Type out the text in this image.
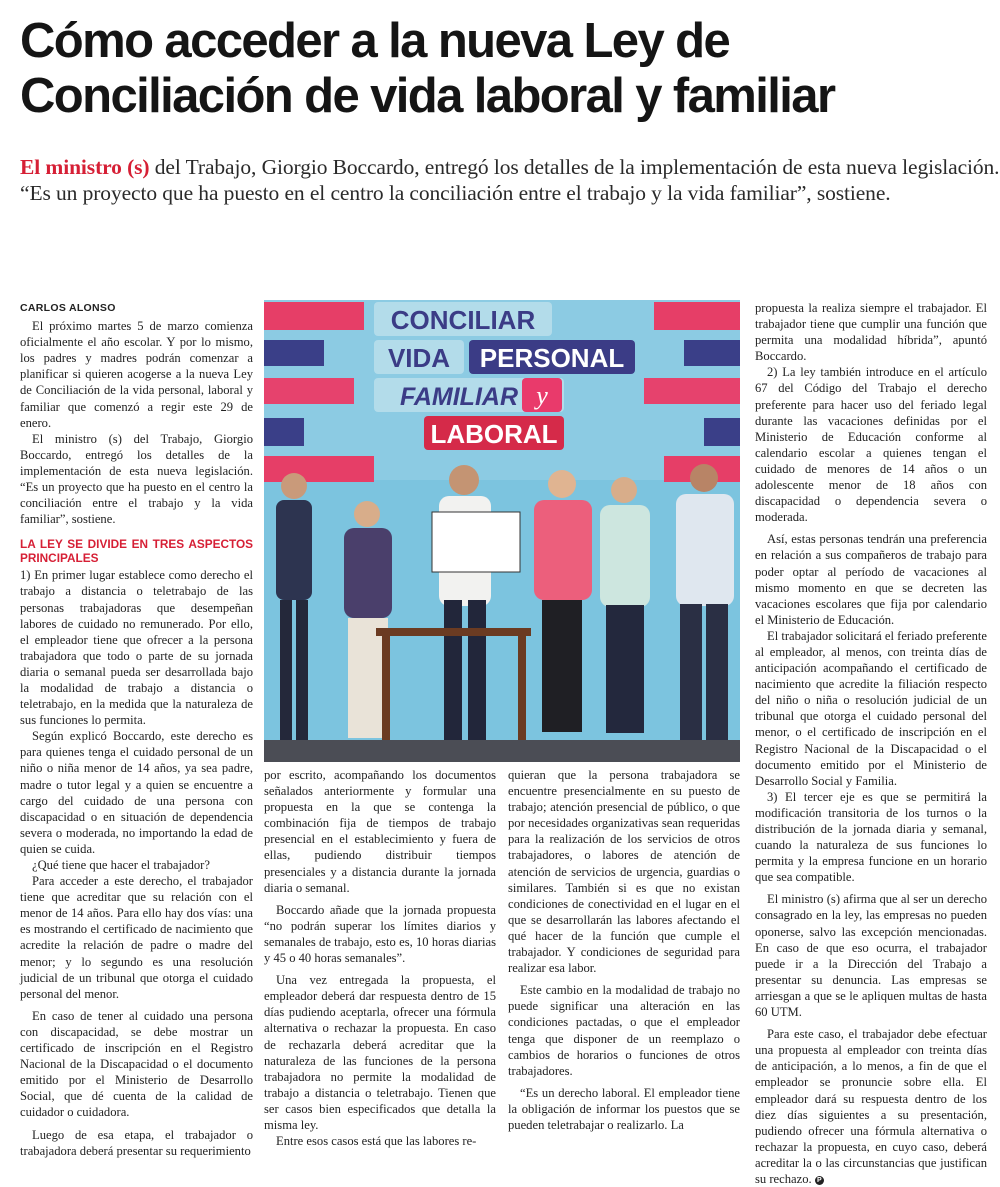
Cómo acceder a la nueva Ley de
Conciliación de vida laboral y familiar
El ministro (s) del Trabajo, Giorgio Boccardo, entregó los detalles de la implementación de esta nueva legislación.
“Es un proyecto que ha puesto en el centro la conciliación entre el trabajo y la vida familiar”, sostiene.
CARLOS ALONSO

El próximo martes 5 de marzo comienza oficialmente el año escolar. Y por lo mismo, los padres y madres podrán comenzar a planificar si quieren acogerse a la nueva Ley de Conciliación de la vida personal, laboral y familiar que comenzó a regir este 29 de enero.

El ministro (s) del Trabajo, Giorgio Boccardo, entregó los detalles de la implementación de esta nueva legislación. “Es un proyecto que ha puesto en el centro la conciliación entre el trabajo y la vida familiar”, sostiene.

LA LEY SE DIVIDE EN TRES ASPECTOS PRINCIPALES

1) En primer lugar establece como derecho el trabajo a distancia o teletrabajo de las personas trabajadoras que desempeñan labores de cuidado no remunerado. Por ello, el empleador tiene que ofrecer a la persona trabajadora que todo o parte de su jornada diaria o semanal pueda ser desarrollada bajo la modalidad de trabajo a distancia o teletrabajo, en la medida que la naturaleza de sus funciones lo permita.

Según explicó Boccardo, este derecho es para quienes tenga el cuidado personal de un niño o niña menor de 14 años, ya sea padre, madre o tutor legal y a quien se encuentre a cargo del cuidado de una persona con discapacidad o en situación de dependencia severa o moderada, no importando la edad de quien se cuida.

¿Qué tiene que hacer el trabajador?

Para acceder a este derecho, el trabajador tiene que acreditar que su relación con el menor de 14 años. Para ello hay dos vías: una es mostrando el certificado de nacimiento que acredite la relación de padre o madre del menor; y lo segundo es una resolución judicial de un tribunal que otorga el cuidado personal del menor.

En caso de tener al cuidado una persona con discapacidad, se debe mostrar un certificado de inscripción en el Registro Nacional de la Discapacidad o el documento emitido por el Ministerio de Desarrollo Social, que dé cuenta de la calidad de cuidador o cuidadora.

Luego de esa etapa, el trabajador o trabajadora deberá presentar su requerimiento

CONCILIAR
VIDA PERSONAL
FAMILIAR y
LABORAL

por escrito, acompañando los documentos señalados anteriormente y formular una propuesta en la que se contenga la combinación fija de tiempos de trabajo presencial en el establecimiento y fuera de ellas, pudiendo distribuir tiempos presenciales y a distancia durante la jornada diaria o semanal.

Boccardo añade que la jornada propuesta “no podrán superar los límites diarios y semanales de trabajo, esto es, 10 horas diarias y 45 o 40 horas semanales”.

Una vez entregada la propuesta, el empleador deberá dar respuesta dentro de 15 días pudiendo aceptarla, ofrecer una fórmula alternativa o rechazar la propuesta. En caso de rechazarla deberá acreditar que la naturaleza de las funciones de la persona trabajadora no permite la modalidad de trabajo a distancia o teletrabajo. Tienen que ser casos bien especificados que detalla la misma ley.

Entre esos casos está que las labores re-

quieran que la persona trabajadora se encuentre presencialmente en su puesto de trabajo; atención presencial de público, o que por necesidades organizativas sean requeridas para la realización de los servicios de otros trabajadores, o labores de atención de atención de servicios de urgencia, guardias o similares. También si es que no existan condiciones de conectividad en el lugar en el que se desarrollarán las labores afectando el qué hacer de la función que cumple el trabajador. Y condiciones de seguridad para realizar esa labor.

Este cambio en la modalidad de trabajo no puede significar una alteración en las condiciones pactadas, o que el empleador tenga que disponer de un reemplazo o cambios de horarios o funciones de otros trabajadores.

“Es un derecho laboral. El empleador tiene la obligación de informar los puestos que se pueden teletrabajar o realizarlo. La

propuesta la realiza siempre el trabajador. El trabajador tiene que cumplir una función que permita una modalidad híbrida”, apuntó Boccardo.

2) La ley también introduce en el artículo 67 del Código del Trabajo el derecho preferente para hacer uso del feriado legal durante las vacaciones definidas por el Ministerio de Educación conforme al calendario escolar a quienes tengan el cuidado de menores de 14 años o un adolescente menor de 18 años con discapacidad o dependencia severa o moderada.

Así, estas personas tendrán una preferencia en relación a sus compañeros de trabajo para poder optar al período de vacaciones al mismo momento en que se decreten las vacaciones escolares que fija por calendario el Ministerio de Educación.

El trabajador solicitará el feriado preferente al empleador, al menos, con treinta días de anticipación acompañando el certificado de nacimiento que acredite la filiación respecto del niño o niña o resolución judicial de un tribunal que otorga el cuidado personal del menor, o el certificado de inscripción en el Registro Nacional de la Discapacidad o el documento emitido por el Ministerio de Desarrollo Social y Familia.

3) El tercer eje es que se permitirá la modificación transitoria de los turnos o la distribución de la jornada diaria y semanal, cuando la naturaleza de sus funciones lo permita y la empresa funcione en un horario que sea compatible.

El ministro (s) afirma que al ser un derecho consagrado en la ley, las empresas no pueden oponerse, salvo las excepción mencionadas. En caso de que eso ocurra, el trabajador puede ir a la Dirección del Trabajo a presentar su denuncia. Las empresas se arriesgan a que se le apliquen multas de hasta 60 UTM.

Para este caso, el trabajador debe efectuar una propuesta al empleador con treinta días de anticipación, a lo menos, a fin de que el empleador se pronuncie sobre ella. El empleador dará su respuesta dentro de los diez días siguientes a su presentación, pudiendo ofrecer una fórmula alternativa o rechazar la propuesta, en cuyo caso, deberá acreditar la o las circunstancias que justifican su rechazo. P
